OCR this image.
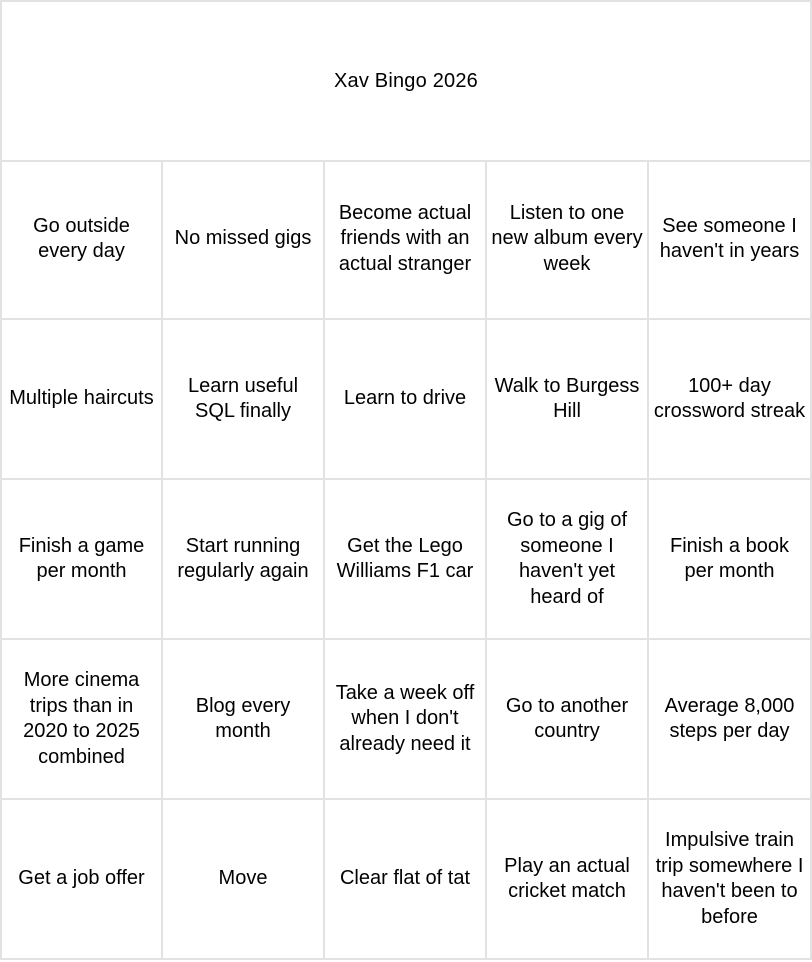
Xav Bingo 2026
Go outside every day
No missed gigs
Become actual friends with an actual stranger
Listen to one new album every week
See someone I haven't in years
Multiple haircuts
Learn useful SQL finally
Learn to drive
Walk to Burgess Hill
100+ day crossword streak
Finish a game per month
Start running regularly again
Get the Lego Williams F1 car
Go to a gig of someone I haven't yet heard of
Finish a book per month
More cinema trips than in 2020 to 2025 combined
Blog every month
Take a week off when I don't already need it
Go to another country
Average 8,000 steps per day
Get a job offer	Move	Clear flat of tat
Play an actual cricket match
Impulsive train trip somewhere I haven't been to before
